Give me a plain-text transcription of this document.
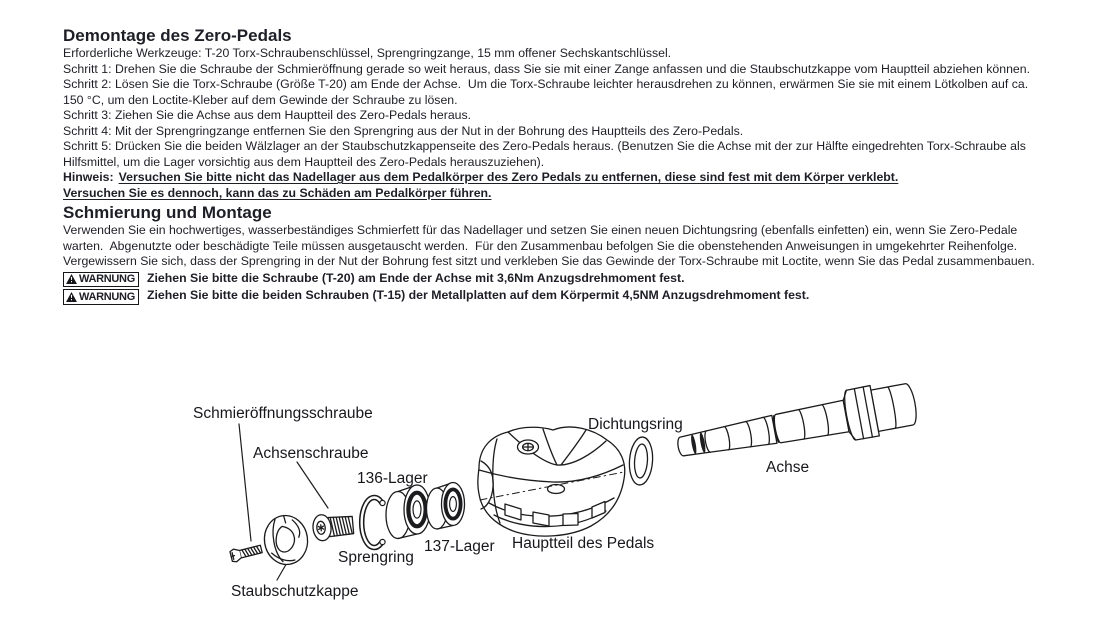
Demontage des Zero-Pedals

Erforderliche Werkzeuge: T-20 Torx-Schraubenschlüssel, Sprengringzange, 15 mm offener Sechskantschlüssel.

Schritt 1: Drehen Sie die Schraube der Schmieröffnung gerade so weit heraus, dass Sie sie mit einer Zange anfassen und die Staubschutzkappe vom Hauptteil abziehen können.

Schritt 2: Lösen Sie die Torx-Schraube (Größe T-20) am Ende der Achse.  Um die Torx-Schraube leichter herausdrehen zu können, erwärmen Sie sie mit einem Lötkolben auf ca. 150 °C, um den Loctite-Kleber auf dem Gewinde der Schraube zu lösen.

Schritt 3: Ziehen Sie die Achse aus dem Hauptteil des Zero-Pedals heraus.

Schritt 4: Mit der Sprengringzange entfernen Sie den Sprengring aus der Nut in der Bohrung des Hauptteils des Zero-Pedals.

Schritt 5: Drücken Sie die beiden Wälzlager an der Staubschutzkappenseite des Zero-Pedals heraus. (Benutzen Sie die Achse mit der zur Hälfte eingedrehten Torx-Schraube als Hilfsmittel, um die Lager vorsichtig aus dem Hauptteil des Zero-Pedals herauszuziehen).

Hinweis: Versuchen Sie bitte nicht das Nadellager aus dem Pedalkörper des Zero Pedals zu entfernen, diese sind fest mit dem Körper verklebt.
Versuchen Sie es dennoch, kann das zu Schäden am Pedalkörper führen.

Schmierung und Montage

Verwenden Sie ein hochwertiges, wasserbeständiges Schmierfett für das Nadellager und setzen Sie einen neuen Dichtungsring (ebenfalls einfetten) ein, wenn Sie Zero-Pedale warten.  Abgenutzte oder beschädigte Teile müssen ausgetauscht werden.  Für den Zusammenbau befolgen Sie die obenstehenden Anweisungen in umgekehrter Reihenfolge.  Vergewissern Sie sich, dass der Sprengring in der Nut der Bohrung fest sitzt und verkleben Sie das Gewinde der Torx-Schraube mit Loctite, wenn Sie das Pedal zusammenbauen.

WARNUNG Ziehen Sie bitte die Schraube (T-20) am Ende der Achse mit 3,6Nm Anzugsdrehmoment fest.
WARNUNG Ziehen Sie bitte die beiden Schrauben (T-15) der Metallplatten auf dem Körpermit 4,5NM Anzugsdrehmoment fest.
Schmieröffnungsschraube
Achsenschraube
136-Lager
Dichtungsring
Achse
Sprengring
137-Lager Hauptteil des Pedals
Staubschutzkappe
